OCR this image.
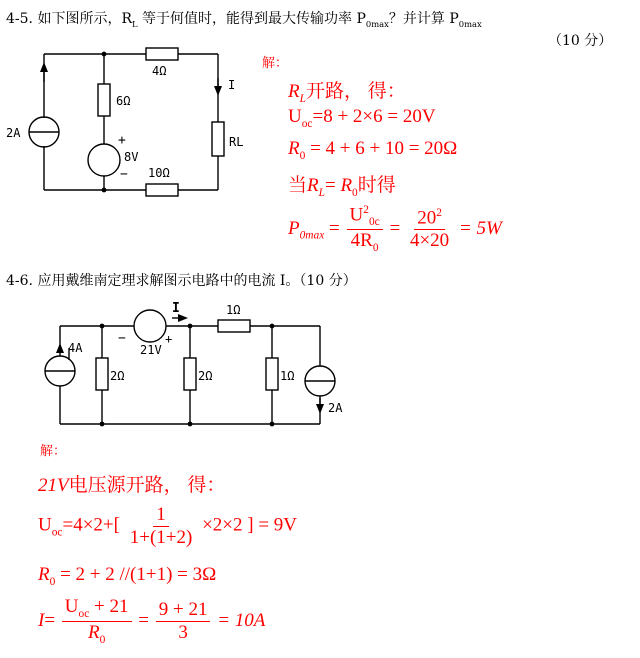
4-5. 如下图所示，$R_L$ 等于何值时，能得到最大传输功率 $P_{0max}$？并计算 $P_{0max}$
（10 分）
4Ω
6Ω
10Ω
2A
8V
+
−
I
RL
解：
$R_L$开路， 得：
$U_{oc}=8 + 2\times 6 = 20V$
$R_0 = 4 + 6 + 10 = 20\Omega$
当$R_L= R_0$时得
$P_{0max} = \frac{U^2_{0c}}{4R_0} = \frac{20^2}{4\times 20} = 5W$
4-6. 应用戴维南定理求解图示电路中的电流 I。（10 分）
4A
2Ω	2Ω	1Ω
1Ω
21V
+
−
I
2A
解：
21V电压源开路， 得：
$U_{oc}=4\times 2+[ \frac{1}{1+(1+2)} \times 2\times 2$ ] = 9V
$R_0 = 2 + 2$ //(1+1) = 3Ω
$I= \frac{U_{oc} + 21}{R_0} = \frac{9 + 21}{3} = 10A$
